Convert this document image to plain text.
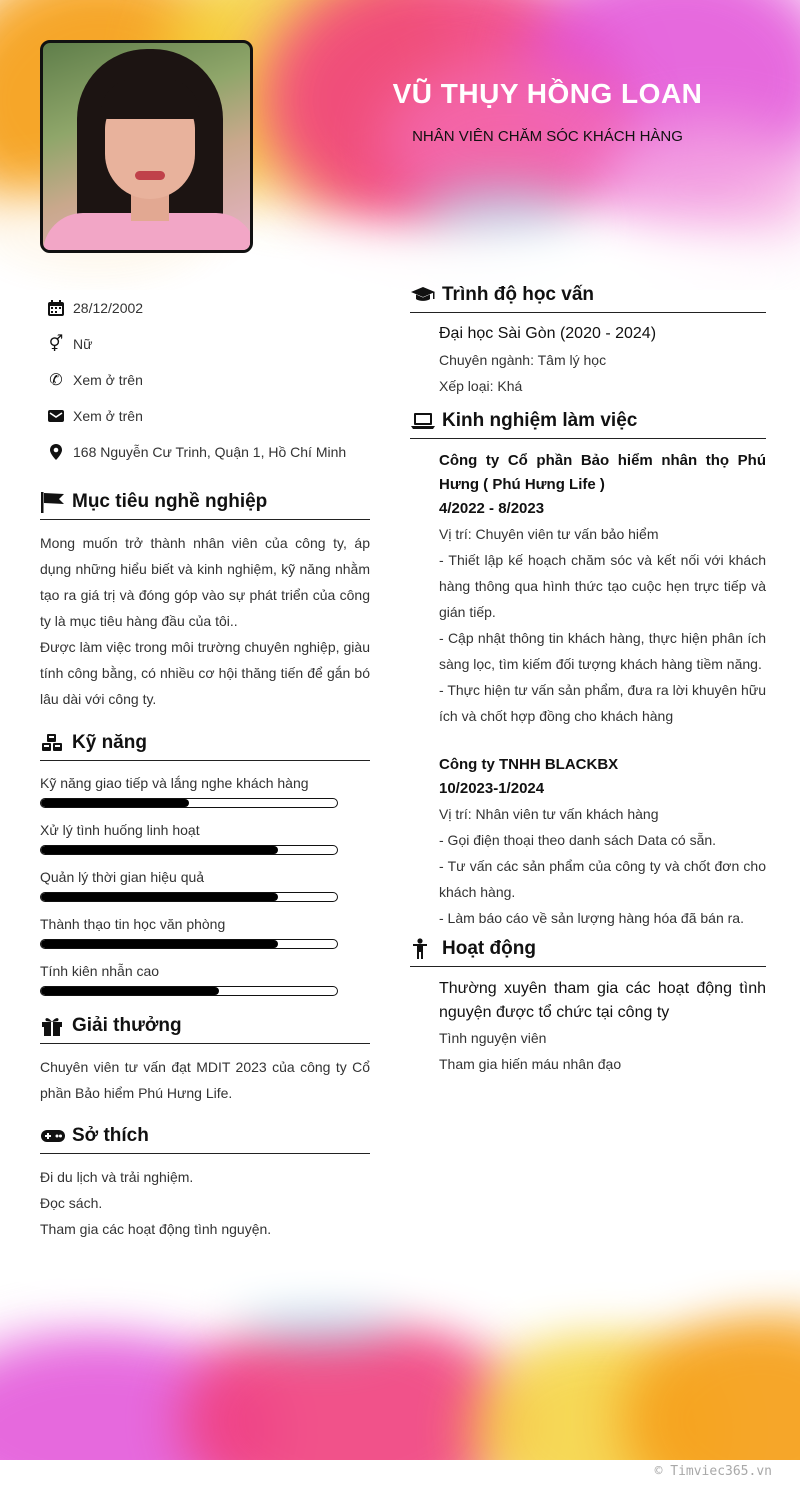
VŨ THỤY HỒNG LOAN
NHÂN VIÊN CHĂM SÓC KHÁCH HÀNG
28/12/2002
⚥ Nữ
✆ Xem ở trên
Xem ở trên
168 Nguyễn Cư Trinh, Quận 1, Hồ Chí Minh
Mục tiêu nghề nghiệp
Mong muốn trở thành nhân viên của công ty, áp dụng những hiểu biết và kinh nghiệm, kỹ năng nhằm tạo ra giá trị và đóng góp vào sự phát triển của công ty là mục tiêu hàng đầu của tôi..
Được làm việc trong môi trường chuyên nghiệp, giàu tính công bằng, có nhiều cơ hội thăng tiến để gắn bó lâu dài với công ty.
Kỹ năng
Kỹ năng giao tiếp và lắng nghe khách hàng
Xử lý tình huống linh hoạt
Quản lý thời gian hiệu quả
Thành thạo tin học văn phòng
Tính kiên nhẫn cao
Giải thưởng
Chuyên viên tư vấn đạt MDIT 2023 của công ty Cổ phần Bảo hiểm Phú Hưng Life.
Sở thích
Đi du lịch và trải nghiệm.
Đọc sách.
Tham gia các hoạt động tình nguyện.
Trình độ học vấn
Đại học Sài Gòn (2020 - 2024)
Chuyên ngành: Tâm lý học
Xếp loại: Khá
Kinh nghiệm làm việc
Công ty Cổ phần Bảo hiểm nhân thọ Phú Hưng ( Phú Hưng Life )
4/2022 - 8/2023
Vị trí: Chuyên viên tư vấn bảo hiểm
- Thiết lập kế hoạch chăm sóc và kết nối với khách hàng thông qua hình thức tạo cuộc hẹn trực tiếp và gián tiếp.
- Cập nhật thông tin khách hàng, thực hiện phân ích sàng lọc, tìm kiếm đối tượng khách hàng tiềm năng.
- Thực hiện tư vấn sản phẩm, đưa ra lời khuyên hữu ích và chốt hợp đồng cho khách hàng
Công ty TNHH BLACKBX
10/2023-1/2024
Vị trí: Nhân viên tư vấn khách hàng
- Gọi điện thoại theo danh sách Data có sẵn.
- Tư vấn các sản phẩm của công ty và chốt đơn cho khách hàng.
- Làm báo cáo về sản lượng hàng hóa đã bán ra.
Hoạt động
Thường xuyên tham gia các hoạt động tình nguyện được tổ chức tại công ty
Tình nguyện viên
Tham gia hiến máu nhân đạo
© Timviec365.vn
